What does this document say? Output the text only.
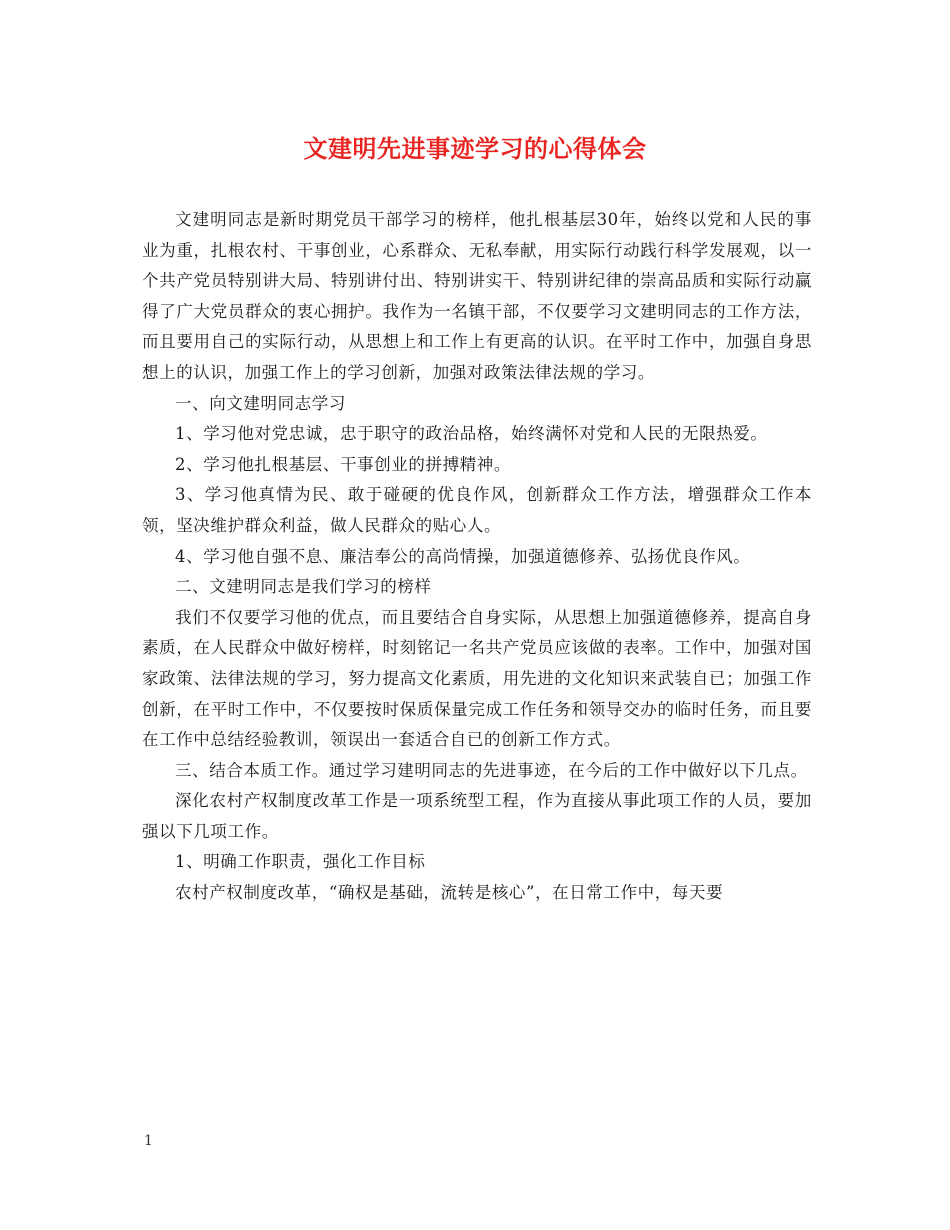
文建明先进事迹学习的心得体会

文建明同志是新时期党员干部学习的榜样，他扎根基层30年，始终以党和人民的事业为重，扎根农村、干事创业，心系群众、无私奉献，用实际行动践行科学发展观，以一个共产党员特别讲大局、特别讲付出、特别讲实干、特别讲纪律的崇高品质和实际行动赢得了广大党员群众的衷心拥护。我作为一名镇干部，不仅要学习文建明同志的工作方法，而且要用自己的实际行动，从思想上和工作上有更高的认识。在平时工作中，加强自身思想上的认识，加强工作上的学习创新，加强对政策法律法规的学习。

一、向文建明同志学习

1、学习他对党忠诚，忠于职守的政治品格，始终满怀对党和人民的无限热爱。

2、学习他扎根基层、干事创业的拼搏精神。

3、学习他真情为民、敢于碰硬的优良作风，创新群众工作方法，增强群众工作本领，坚决维护群众利益，做人民群众的贴心人。

4、学习他自强不息、廉洁奉公的高尚情操，加强道德修养、弘扬优良作风。

二、文建明同志是我们学习的榜样

我们不仅要学习他的优点，而且要结合自身实际，从思想上加强道德修养，提高自身素质，在人民群众中做好榜样，时刻铭记一名共产党员应该做的表率。工作中，加强对国家政策、法律法规的学习，努力提高文化素质，用先进的文化知识来武装自已；加强工作创新，在平时工作中，不仅要按时保质保量完成工作任务和领导交办的临时任务，而且要在工作中总结经验教训，领误出一套适合自已的创新工作方式。

三、结合本质工作。通过学习建明同志的先进事迹，在今后的工作中做好以下几点。

深化农村产权制度改革工作是一项系统型工程，作为直接从事此项工作的人员，要加强以下几项工作。

1、明确工作职责，强化工作目标

农村产权制度改革，“确权是基础，流转是核心”，在日常工作中，每天要

1
